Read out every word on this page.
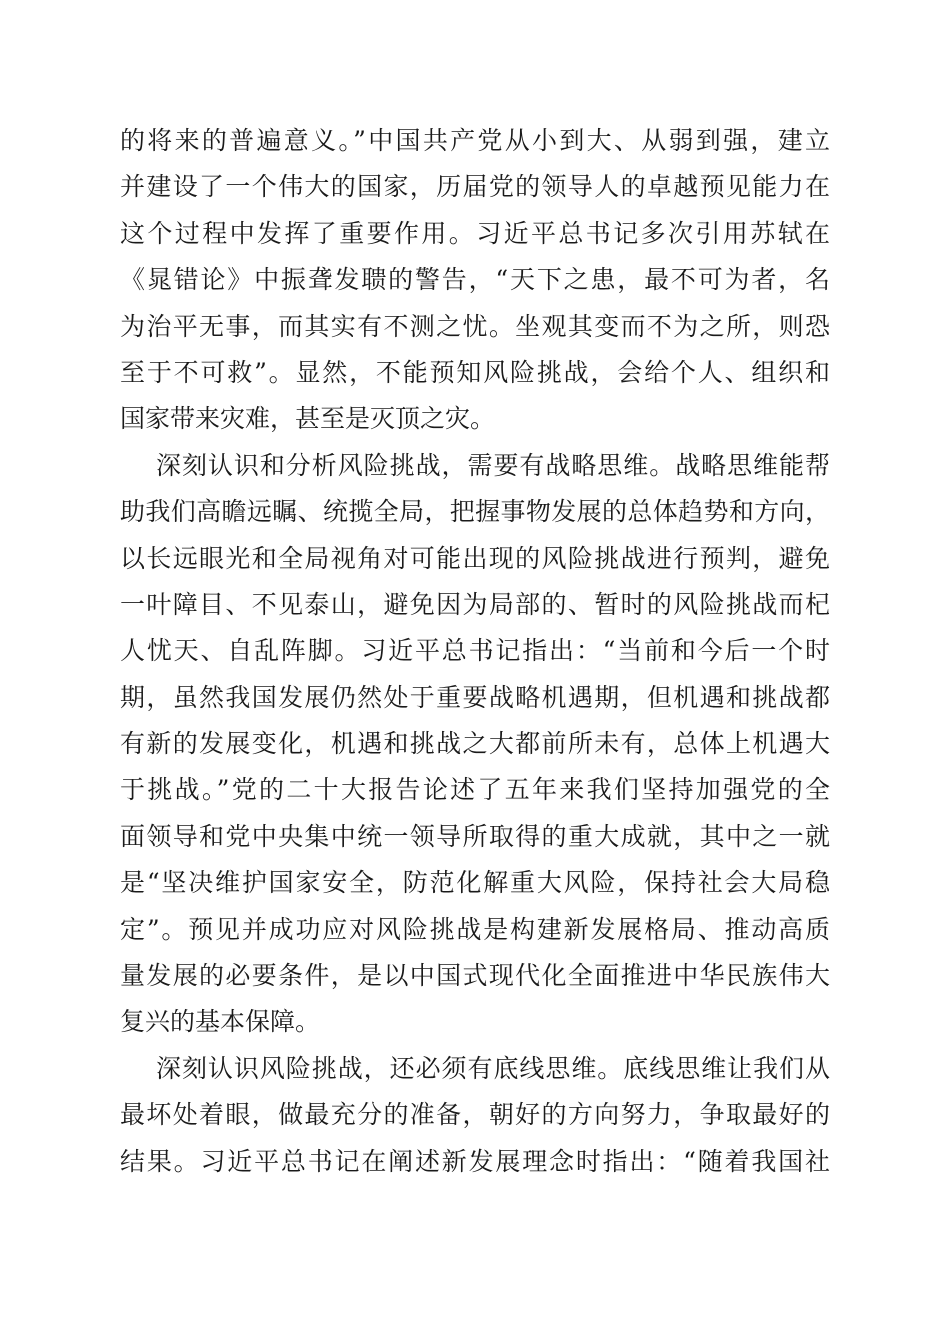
的将来的普遍意义。”中国共产党从小到大、从弱到强，建立
并建设了一个伟大的国家，历届党的领导人的卓越预见能力在
这个过程中发挥了重要作用。习近平总书记多次引用苏轼在
《晁错论》中振聋发聩的警告，“天下之患，最不可为者，名
为治平无事，而其实有不测之忧。坐观其变而不为之所，则恐
至于不可救”。显然，不能预知风险挑战，会给个人、组织和
国家带来灾难，甚至是灭顶之灾。
深刻认识和分析风险挑战，需要有战略思维。战略思维能帮
助我们高瞻远瞩、统揽全局，把握事物发展的总体趋势和方向，
以长远眼光和全局视角对可能出现的风险挑战进行预判，避免
一叶障目、不见泰山，避免因为局部的、暂时的风险挑战而杞
人忧天、自乱阵脚。习近平总书记指出：“当前和今后一个时
期，虽然我国发展仍然处于重要战略机遇期，但机遇和挑战都
有新的发展变化，机遇和挑战之大都前所未有，总体上机遇大
于挑战。”党的二十大报告论述了五年来我们坚持加强党的全
面领导和党中央集中统一领导所取得的重大成就，其中之一就
是“坚决维护国家安全，防范化解重大风险，保持社会大局稳
定”。预见并成功应对风险挑战是构建新发展格局、推动高质
量发展的必要条件，是以中国式现代化全面推进中华民族伟大
复兴的基本保障。
深刻认识风险挑战，还必须有底线思维。底线思维让我们从
最坏处着眼，做最充分的准备，朝好的方向努力，争取最好的
结果。习近平总书记在阐述新发展理念时指出：“随着我国社
